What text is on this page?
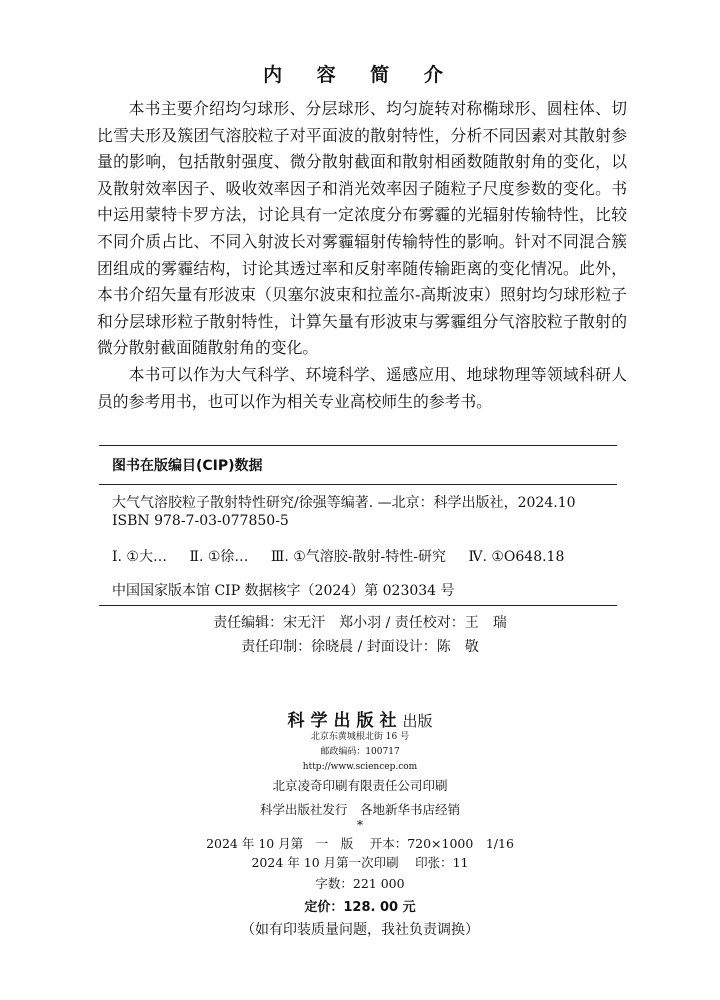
内 容 简 介

本书主要介绍均匀球形、分层球形、均匀旋转对称椭球形、圆柱体、切比雪夫形及簇团气溶胶粒子对平面波的散射特性，分析不同因素对其散射参量的影响，包括散射强度、微分散射截面和散射相函数随散射角的变化，以及散射效率因子、吸收效率因子和消光效率因子随粒子尺度参数的变化。书中运用蒙特卡罗方法，讨论具有一定浓度分布雾霾的光辐射传输特性，比较不同介质占比、不同入射波长对雾霾辐射传输特性的影响。针对不同混合簇团组成的雾霾结构，讨论其透过率和反射率随传输距离的变化情况。此外，本书介绍矢量有形波束（贝塞尔波束和拉盖尔-高斯波束）照射均匀球形粒子和分层球形粒子散射特性，计算矢量有形波束与雾霾组分气溶胶粒子散射的微分散射截面随散射角的变化。

本书可以作为大气科学、环境科学、遥感应用、地球物理等领域科研人员的参考用书，也可以作为相关专业高校师生的参考书。

图书在版编目(CIP)数据
大气气溶胶粒子散射特性研究/徐强等编著. —北京：科学出版社，2024.10
ISBN 978-7-03-077850-5
Ⅰ. ①大… Ⅱ. ①徐… Ⅲ. ①气溶胶-散射-特性-研究 Ⅳ. ①O648.18
中国国家版本馆 CIP 数据核字（2024）第 023034 号
责任编辑：宋无汗　郑小羽 / 责任校对：王　瑞
责任印制：徐晓晨 / 封面设计：陈　敬
科学出版社出版
北京东黄城根北街 16 号
邮政编码：100717
http://www.sciencep.com
北京凌奇印刷有限责任公司印刷
科学出版社发行　各地新华书店经销
*
2024 年 10 月第　一　版　 开本：720×1000　1/16
2024 年 10 月第一次印刷　 印张：11
字数：221 000
定价：128. 00 元
（如有印装质量问题，我社负责调换）
